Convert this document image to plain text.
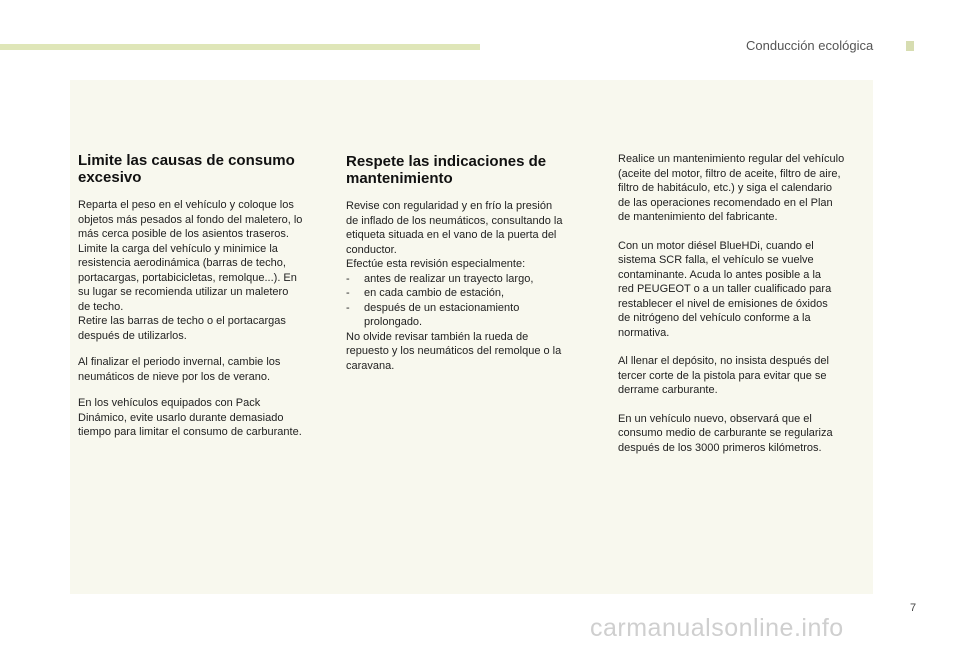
Conducción ecológica
Limite las causas de consumo
excesivo

Reparta el peso en el vehículo y coloque los
objetos más pesados al fondo del maletero, lo
más cerca posible de los asientos traseros.
Limite la carga del vehículo y minimice la
resistencia aerodinámica (barras de techo,
portacargas, portabicicletas, remolque...). En
su lugar se recomienda utilizar un maletero
de techo.
Retire las barras de techo o el portacargas
después de utilizarlos.

Al finalizar el periodo invernal, cambie los
neumáticos de nieve por los de verano.

En los vehículos equipados con Pack
Dinámico, evite usarlo durante demasiado
tiempo para limitar el consumo de carburante.

Respete las indicaciones de
mantenimiento

Revise con regularidad y en frío la presión
de inflado de los neumáticos, consultando la
etiqueta situada en el vano de la puerta del
conductor.
Efectúe esta revisión especialmente:

- antes de realizar un trayecto largo,
- en cada cambio de estación,
- después de un estacionamiento
prolongado.

No olvide revisar también la rueda de
repuesto y los neumáticos del remolque o la
caravana.

Realice un mantenimiento regular del vehículo
(aceite del motor, filtro de aceite, filtro de aire,
filtro de habitáculo, etc.) y siga el calendario
de las operaciones recomendado en el Plan
de mantenimiento del fabricante.

Con un motor diésel BlueHDi, cuando el
sistema SCR falla, el vehículo se vuelve
contaminante. Acuda lo antes posible a la
red PEUGEOT o a un taller cualificado para
restablecer el nivel de emisiones de óxidos
de nitrógeno del vehículo conforme a la
normativa.

Al llenar el depósito, no insista después del
tercer corte de la pistola para evitar que se
derrame carburante.

En un vehículo nuevo, observará que el
consumo medio de carburante se regulariza
después de los 3000 primeros kilómetros.

7
carmanualsonline.info
